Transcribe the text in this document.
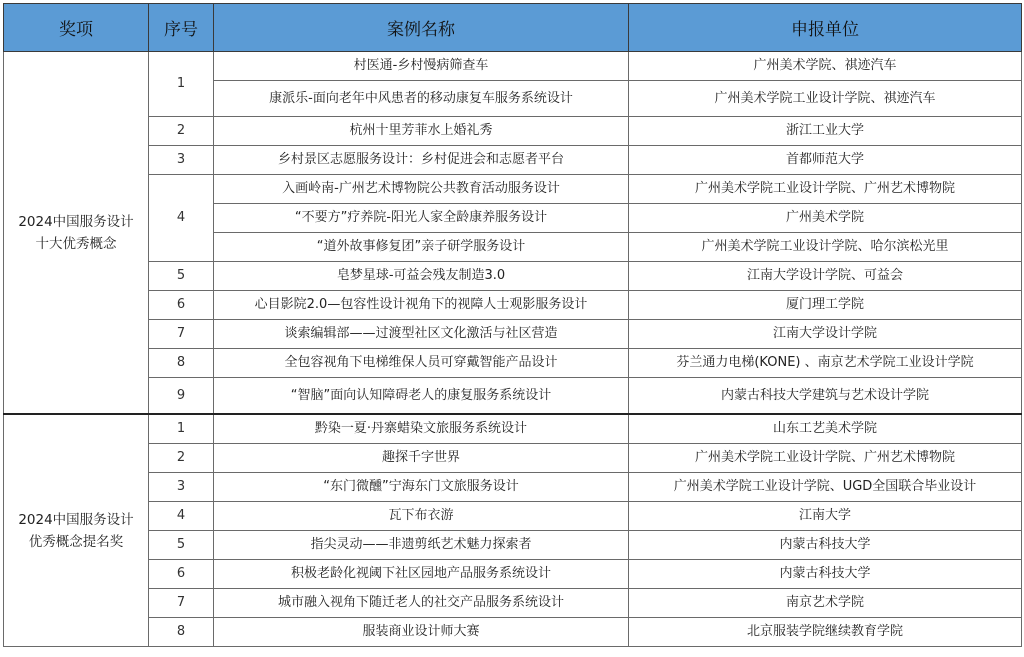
奖项	序号	案例名称	申报单位
2024中国服务设计
十大优秀概念	1	村医通-乡村慢病筛查车	广州美术学院、祺迹汽车
		康派乐-面向老年中风患者的移动康复车服务系统设计	广州美术学院工业设计学院、祺迹汽车
	2	杭州十里芳菲水上婚礼秀	浙江工业大学
	3	乡村景区志愿服务设计：乡村促进会和志愿者平台	首都师范大学
	4	入画岭南-广州艺术博物院公共教育活动服务设计	广州美术学院工业设计学院、广州艺术博物院
		“不要方”疗养院-阳光人家全龄康养服务设计	广州美术学院
		“道外故事修复团”亲子研学服务设计	广州美术学院工业设计学院、哈尔滨松光里
	5	皂梦星球-可益会残友制造3.0	江南大学设计学院、可益会
	6	心目影院2.0—包容性设计视角下的视障人士观影服务设计	厦门理工学院
	7	谈索编辑部——过渡型社区文化激活与社区营造	江南大学设计学院
	8	全包容视角下电梯维保人员可穿戴智能产品设计	芬兰通力电梯(KONE) 、南京艺术学院工业设计学院
	9	“智脑”面向认知障碍老人的康复服务系统设计	内蒙古科技大学建筑与艺术设计学院
2024中国服务设计
优秀概念提名奖	1	黔染一夏·丹寨蜡染文旅服务系统设计	山东工艺美术学院
	2	趣探千字世界	广州美术学院工业设计学院、广州艺术博物院
	3	“东门微醺”宁海东门文旅服务设计	广州美术学院工业设计学院、UGD全国联合毕业设计
	4	瓦下布衣游	江南大学
	5	指尖灵动——非遗剪纸艺术魅力探索者	内蒙古科技大学
	6	积极老龄化视阈下社区园地产品服务系统设计	内蒙古科技大学
	7	城市融入视角下随迁老人的社交产品服务系统设计	南京艺术学院
	8	服装商业设计师大赛	北京服装学院继续教育学院
